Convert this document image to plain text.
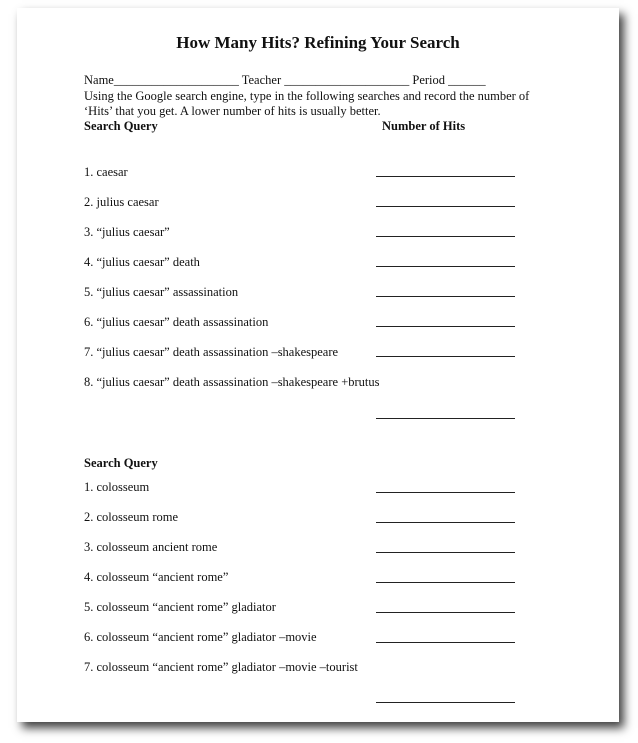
How Many Hits? Refining Your Search
Name____________________ Teacher ____________________ Period ______
Using the Google search engine, type in the following searches and record the number of
‘Hits’ that you get. A lower number of hits is usually better.
Search Query	Number of Hits
1. caesar
2. julius caesar
3. “julius caesar”
4. “julius caesar” death
5. “julius caesar” assassination
6. “julius caesar” death assassination
7. “julius caesar” death assassination –shakespeare
8. “julius caesar” death assassination –shakespeare +brutus
Search Query
1. colosseum
2. colosseum rome
3. colosseum ancient rome
4. colosseum “ancient rome”
5. colosseum “ancient rome” gladiator
6. colosseum “ancient rome” gladiator –movie
7. colosseum “ancient rome” gladiator –movie –tourist
